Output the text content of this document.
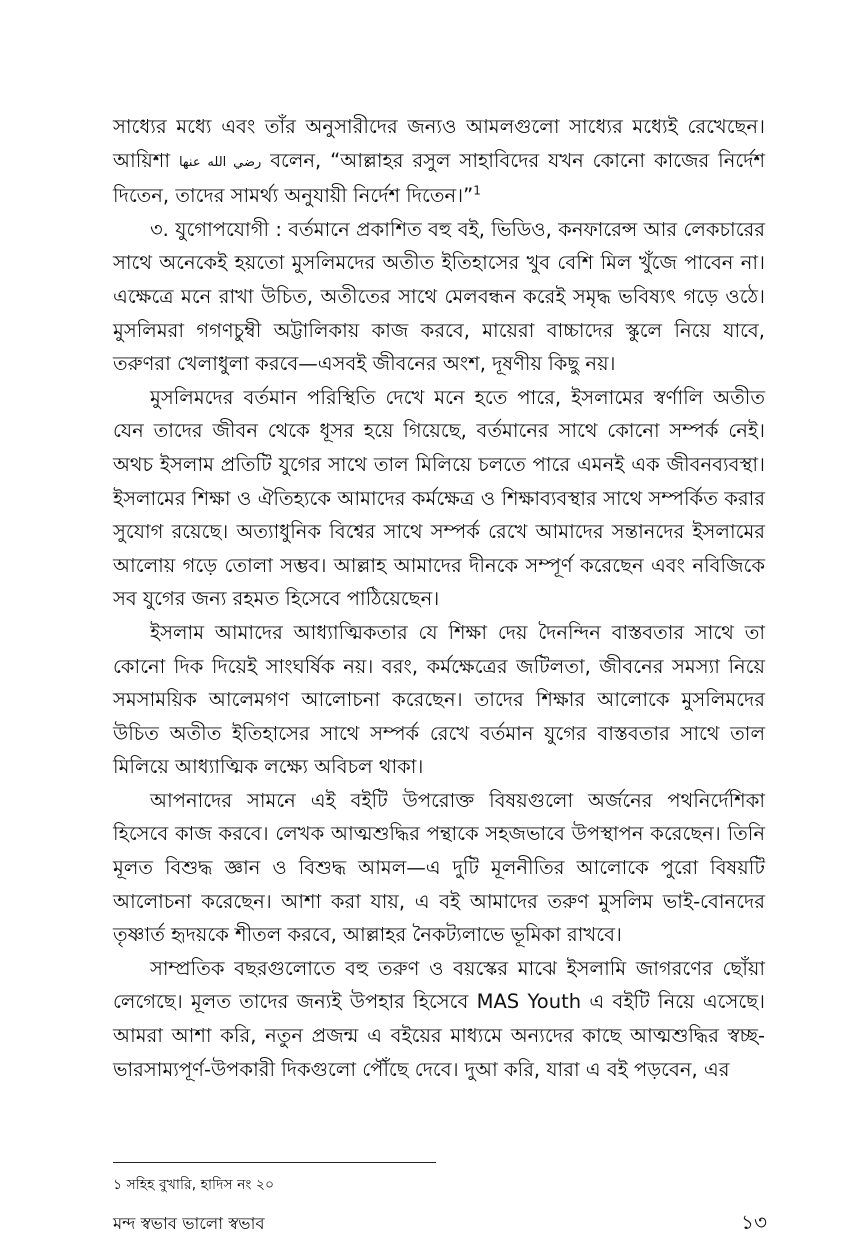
সাধ্যের মধ্যে এবং তাঁর অনুসারীদের জন্যও আমলগুলো সাধ্যের মধ্যেই রেখেছেন। আয়িশা رضي الله عنها বলেন, “আল্লাহর রসুল সাহাবিদের যখন কোনো কাজের নির্দেশ দিতেন, তাদের সামর্থ্য অনুযায়ী নির্দেশ দিতেন।”$^1$

৩. যুগোপযোগী : বর্তমানে প্রকাশিত বহু বই, ভিডিও, কনফারেন্স আর লেকচারের সাথে অনেকেই হয়তো মুসলিমদের অতীত ইতিহাসের খুব বেশি মিল খুঁজে পাবেন না। এক্ষেত্রে মনে রাখা উচিত, অতীতের সাথে মেলবন্ধন করেই সমৃদ্ধ ভবিষ্যৎ গড়ে ওঠে। মুসলিমরা গগণচুম্বী অট্টালিকায় কাজ করবে, মায়েরা বাচ্চাদের স্কুলে নিয়ে যাবে, তরুণরা খেলাধুলা করবে—এসবই জীবনের অংশ, দূষণীয় কিছু নয়।

মুসলিমদের বর্তমান পরিস্থিতি দেখে মনে হতে পারে, ইসলামের স্বর্ণালি অতীত যেন তাদের জীবন থেকে ধূসর হয়ে গিয়েছে, বর্তমানের সাথে কোনো সম্পর্ক নেই। অথচ ইসলাম প্রতিটি যুগের সাথে তাল মিলিয়ে চলতে পারে এমনই এক জীবনব্যবস্থা। ইসলামের শিক্ষা ও ঐতিহ্যকে আমাদের কর্মক্ষেত্র ও শিক্ষাব্যবস্থার সাথে সম্পর্কিত করার সুযোগ রয়েছে। অত্যাধুনিক বিশ্বের সাথে সম্পর্ক রেখে আমাদের সন্তানদের ইসলামের আলোয় গড়ে তোলা সম্ভব। আল্লাহ আমাদের দীনকে সম্পূর্ণ করেছেন এবং নবিজিকে সব যুগের জন্য রহমত হিসেবে পাঠিয়েছেন।

ইসলাম আমাদের আধ্যাত্মিকতার যে শিক্ষা দেয় দৈনন্দিন বাস্তবতার সাথে তা কোনো দিক দিয়েই সাংঘর্ষিক নয়। বরং, কর্মক্ষেত্রের জটিলতা, জীবনের সমস্যা নিয়ে সমসাময়িক আলেমগণ আলোচনা করেছেন। তাদের শিক্ষার আলোকে মুসলিমদের উচিত অতীত ইতিহাসের সাথে সম্পর্ক রেখে বর্তমান যুগের বাস্তবতার সাথে তাল মিলিয়ে আধ্যাত্মিক লক্ষ্যে অবিচল থাকা।

আপনাদের সামনে এই বইটি উপরোক্ত বিষয়গুলো অর্জনের পথনির্দেশিকা হিসেবে কাজ করবে। লেখক আত্মশুদ্ধির পন্থাকে সহজভাবে উপস্থাপন করেছেন। তিনি মূলত বিশুদ্ধ জ্ঞান ও বিশুদ্ধ আমল—এ দুটি মূলনীতির আলোকে পুরো বিষয়টি আলোচনা করেছেন। আশা করা যায়, এ বই আমাদের তরুণ মুসলিম ভাই-বোনদের তৃষ্ণার্ত হৃদয়কে শীতল করবে, আল্লাহর নৈকট্যলাভে ভূমিকা রাখবে।

সাম্প্রতিক বছরগুলোতে বহু তরুণ ও বয়স্কের মাঝে ইসলামি জাগরণের ছোঁয়া লেগেছে। মূলত তাদের জন্যই উপহার হিসেবে MAS Youth এ বইটি নিয়ে এসেছে। আমরা আশা করি, নতুন প্রজন্ম এ বইয়ের মাধ্যমে অন্যদের কাছে আত্মশুদ্ধির স্বচ্ছ-ভারসাম্যপূর্ণ-উপকারী দিকগুলো পৌঁছে দেবে। দুআ করি, যারা এ বই পড়বেন, এর

১ সহিহ বুখারি, হাদিস নং ২০
মন্দ স্বভাব ভালো স্বভাব	১৩
